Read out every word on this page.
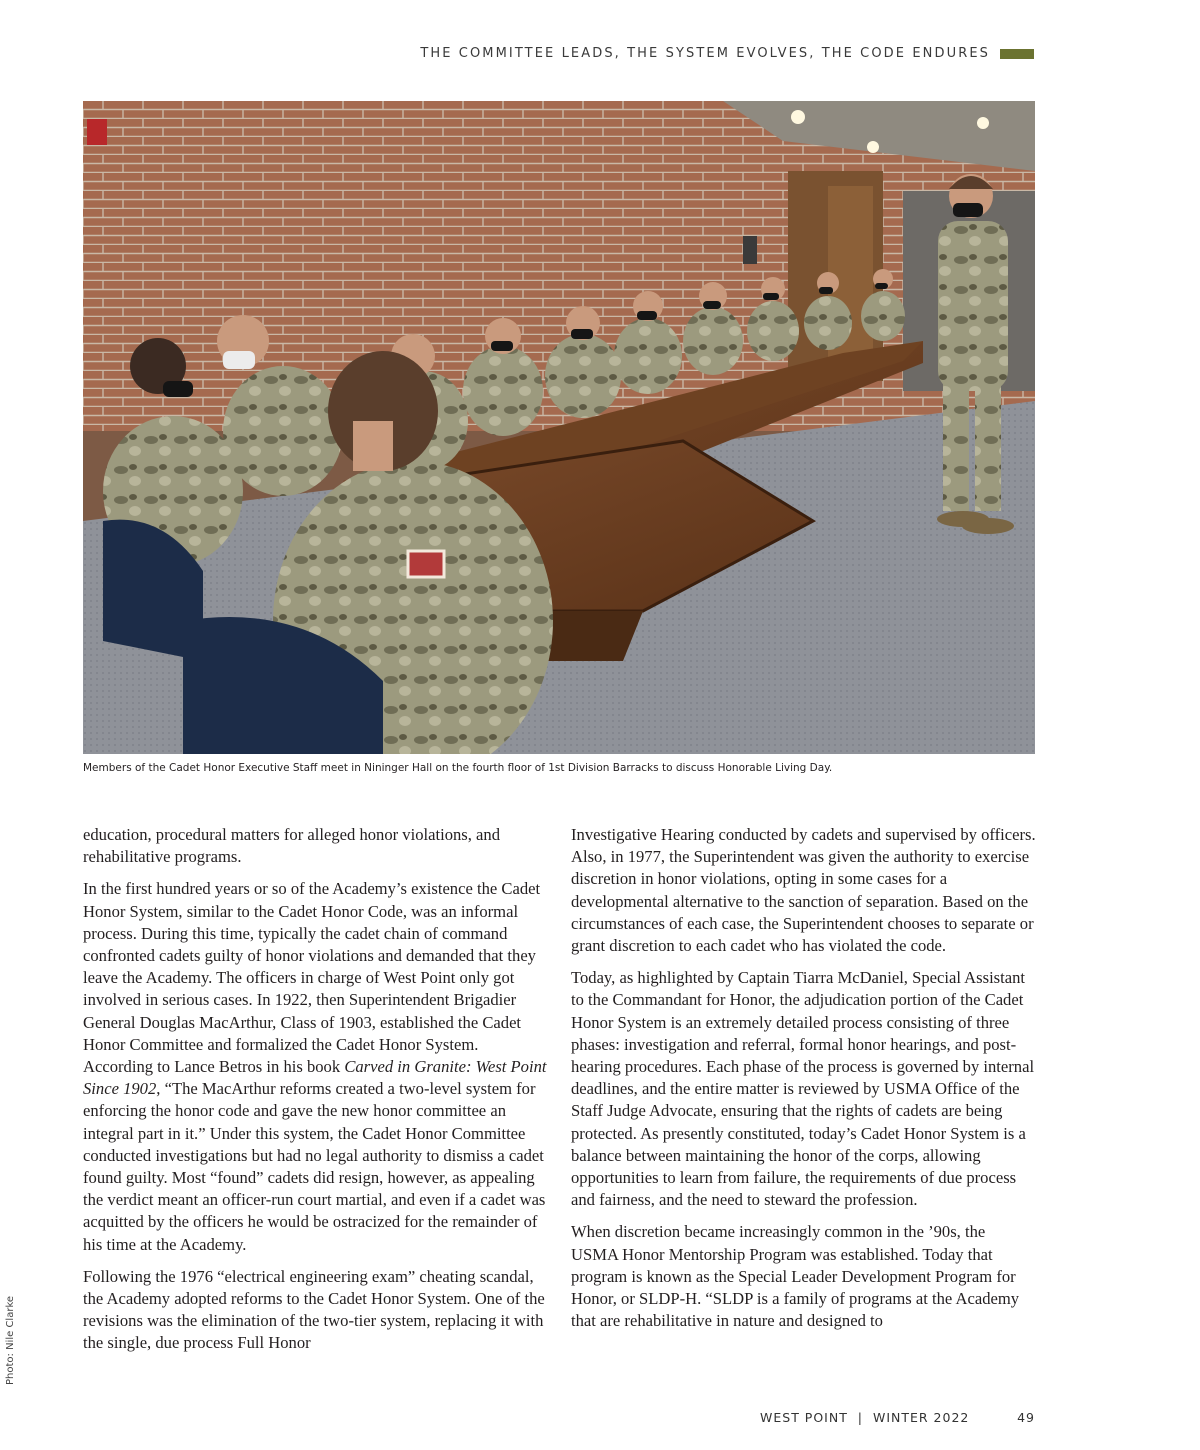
THE COMMITTEE LEADS, THE SYSTEM EVOLVES, THE CODE ENDURES
Members of the Cadet Honor Executive Staff meet in Nininger Hall on the fourth floor of 1st Division Barracks to discuss Honorable Living Day.
Photo: Nile Clarke

education, procedural matters for alleged honor violations, and rehabilitative programs.

In the first hundred years or so of the Academy’s existence the Cadet Honor System, similar to the Cadet Honor Code, was an informal process. During this time, typically the cadet chain of command confronted cadets guilty of honor violations and demanded that they leave the Academy. The officers in charge of West Point only got involved in serious cases. In 1922, then Superintendent Brigadier General Douglas MacArthur, Class of 1903, established the Cadet Honor Committee and formalized the Cadet Honor System. According to Lance Betros in his book Carved in Granite: West Point Since 1902, “The MacArthur reforms created a two-level system for enforcing the honor code and gave the new honor committee an integral part in it.” Under this system, the Cadet Honor Committee conducted investigations but had no legal authority to dismiss a cadet found guilty. Most “found” cadets did resign, however, as appealing the verdict meant an officer-run court martial, and even if a cadet was acquitted by the officers he would be ostracized for the remainder of his time at the Academy.

Following the 1976 “electrical engineering exam” cheating scandal, the Academy adopted reforms to the Cadet Honor System. One of the revisions was the elimination of the two-tier system, replacing it with the single, due process Full Honor

Investigative Hearing conducted by cadets and supervised by officers. Also, in 1977, the Superintendent was given the authority to exercise discretion in honor violations, opting in some cases for a developmental alternative to the sanction of separation. Based on the circumstances of each case, the Superintendent chooses to separate or grant discretion to each cadet who has violated the code.

Today, as highlighted by Captain Tiarra McDaniel, Special Assistant to the Commandant for Honor, the adjudication portion of the Cadet Honor System is an extremely detailed process consisting of three phases: investigation and referral, formal honor hearings, and post-hearing procedures. Each phase of the process is governed by internal deadlines, and the entire matter is reviewed by USMA Office of the Staff Judge Advocate, ensuring that the rights of cadets are being protected. As presently constituted, today’s Cadet Honor System is a balance between maintaining the honor of the corps, allowing opportunities to learn from failure, the requirements of due process and fairness, and the need to steward the profession.

When discretion became increasingly common in the ’90s, the USMA Honor Mentorship Program was established. Today that program is known as the Special Leader Development Program for Honor, or SLDP-H. “SLDP is a family of programs at the Academy that are rehabilitative in nature and designed to

WEST POINT  |  WINTER 2022	49
